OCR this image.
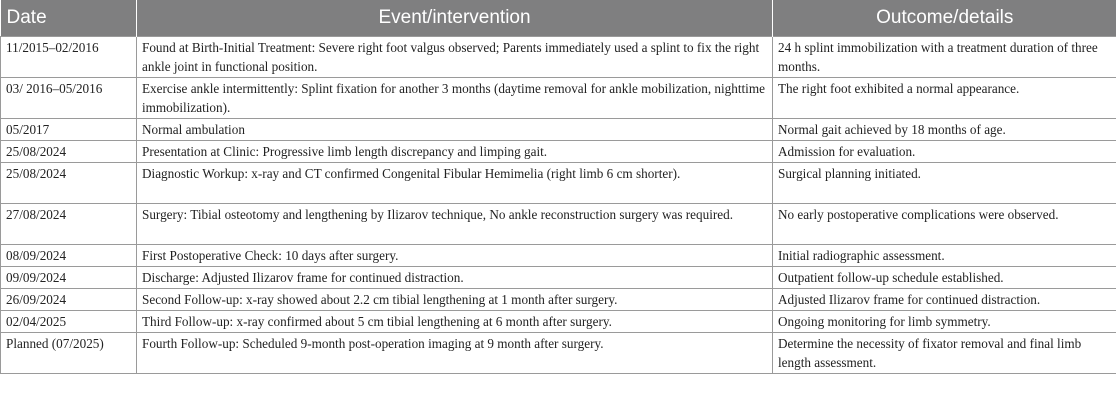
Date	Event/intervention	Outcome/details
11/2015–02/2016	Found at Birth-Initial Treatment: Severe right foot valgus observed; Parents immediately used a splint to fix the right ankle joint in functional position.	24 h splint immobilization with a treatment duration of three months.
03/ 2016–05/2016	Exercise ankle intermittently: Splint fixation for another 3 months (daytime removal for ankle mobilization, nighttime immobilization).	The right foot exhibited a normal appearance.
05/2017	Normal ambulation	Normal gait achieved by 18 months of age.
25/08/2024	Presentation at Clinic: Progressive limb length discrepancy and limping gait.	Admission for evaluation.
25/08/2024	Diagnostic Workup: x-ray and CT confirmed Congenital Fibular Hemimelia (right limb 6 cm shorter).	Surgical planning initiated.
27/08/2024	Surgery: Tibial osteotomy and lengthening by Ilizarov technique, No ankle reconstruction surgery was required.	No early postoperative complications were observed.
08/09/2024	First Postoperative Check: 10 days after surgery.	Initial radiographic assessment.
09/09/2024	Discharge: Adjusted Ilizarov frame for continued distraction.	Outpatient follow-up schedule established.
26/09/2024	Second Follow-up: x-ray showed about 2.2 cm tibial lengthening at 1 month after surgery.	Adjusted Ilizarov frame for continued distraction.
02/04/2025	Third Follow-up: x-ray confirmed about 5 cm tibial lengthening at 6 month after surgery.	Ongoing monitoring for limb symmetry.
Planned (07/2025)	Fourth Follow-up: Scheduled 9-month post-operation imaging at 9 month after surgery.	Determine the necessity of fixator removal and final limb length assessment.
